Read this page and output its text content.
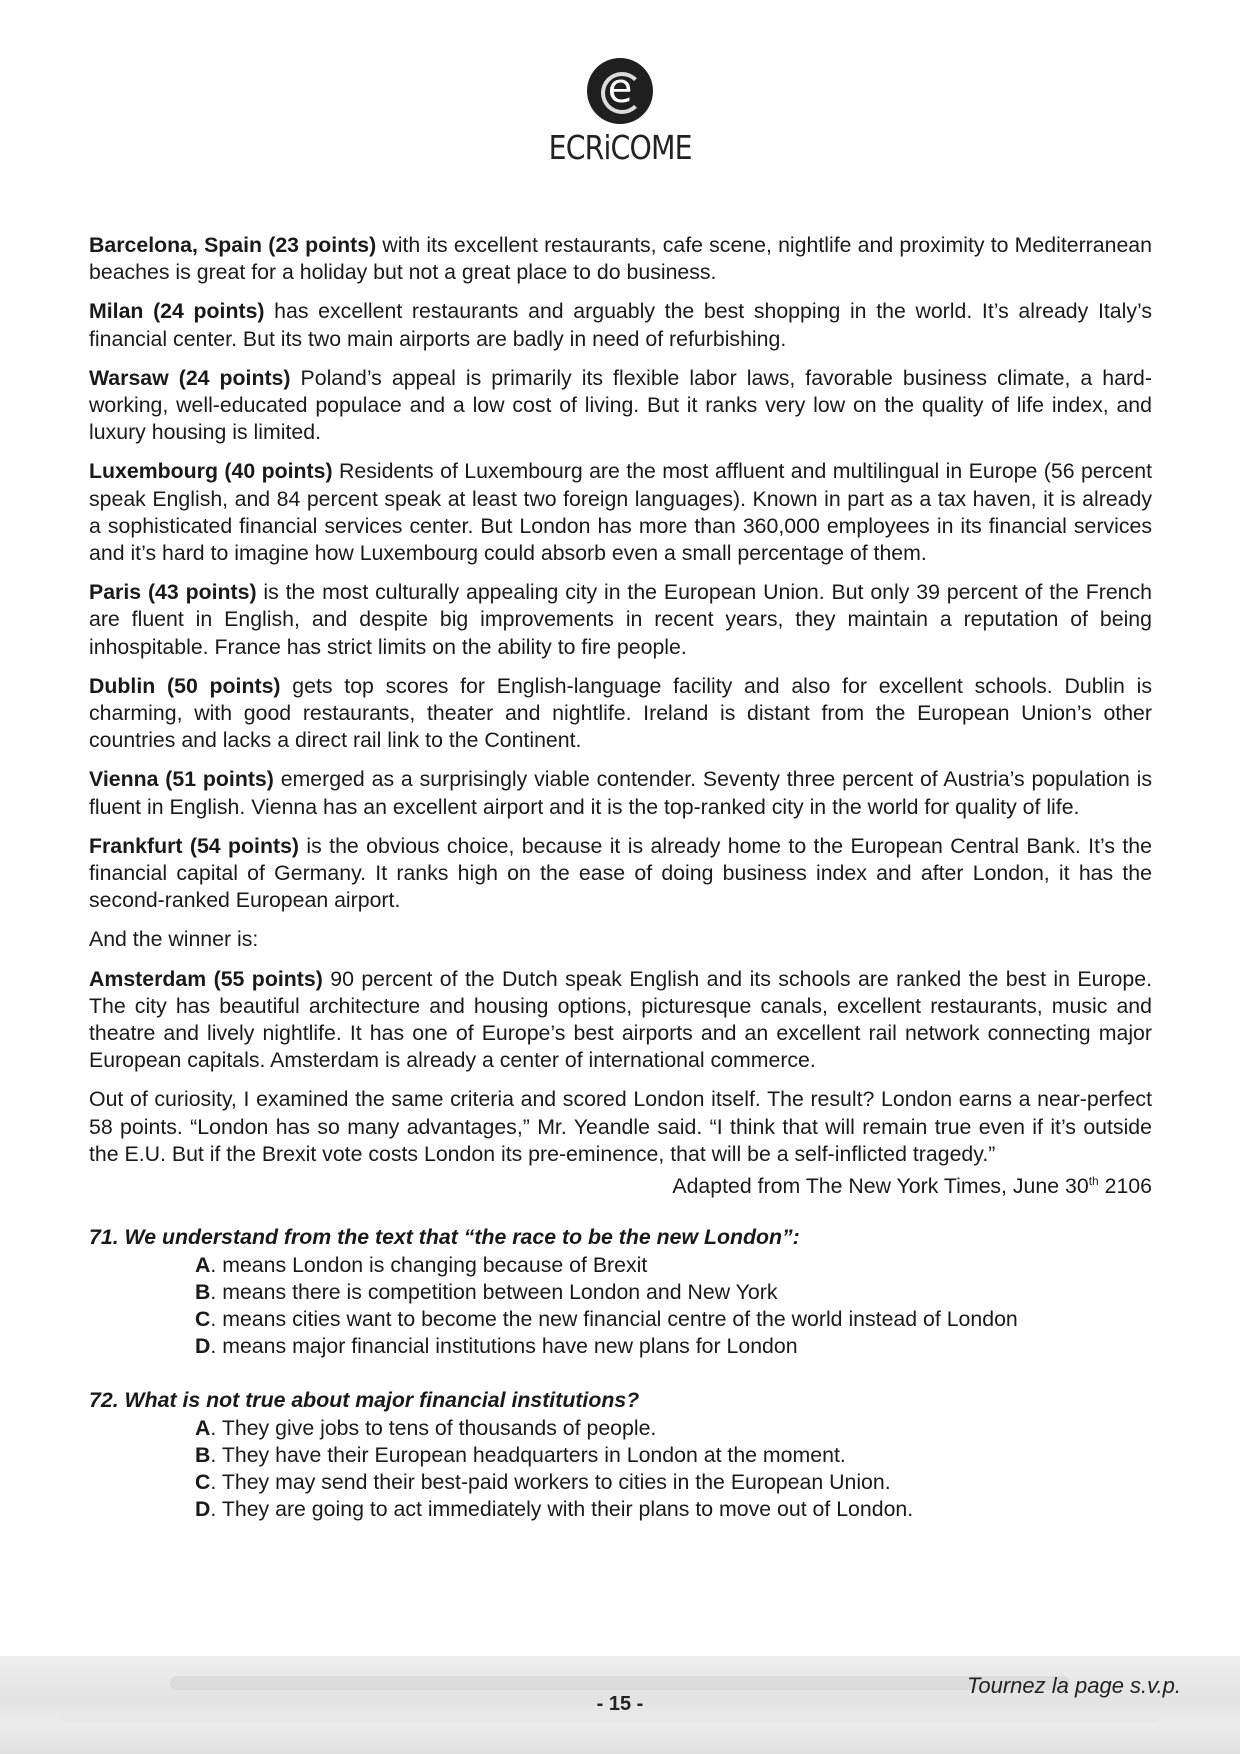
e
ECRiCOME

Barcelona, Spain (23 points) with its excellent restaurants, cafe scene, nightlife and proximity to Mediterranean beaches is great for a holiday but not a great place to do business.

Milan (24 points) has excellent restaurants and arguably the best shopping in the world. It’s already Italy’s financial center. But its two main airports are badly in need of refurbishing.

Warsaw (24 points) Poland’s appeal is primarily its flexible labor laws, favorable business climate, a hard-working, well-educated populace and a low cost of living. But it ranks very low on the quality of life index, and luxury housing is limited.

Luxembourg (40 points) Residents of Luxembourg are the most affluent and multilingual in Europe (56 percent speak English, and 84 percent speak at least two foreign languages). Known in part as a tax haven, it is already a sophisticated financial services center. But London has more than 360,000 employees in its financial services and it’s hard to imagine how Luxembourg could absorb even a small percentage of them.

Paris (43 points) is the most culturally appealing city in the European Union. But only 39 percent of the French are fluent in English, and despite big improvements in recent years, they maintain a reputation of being inhospitable. France has strict limits on the ability to fire people.

Dublin (50 points) gets top scores for English-language facility and also for excellent schools. Dublin is charming, with good restaurants, theater and nightlife. Ireland is distant from the European Union’s other countries and lacks a direct rail link to the Continent.

Vienna (51 points) emerged as a surprisingly viable contender. Seventy three percent of Austria’s population is fluent in English. Vienna has an excellent airport and it is the top-ranked city in the world for quality of life.

Frankfurt (54 points) is the obvious choice, because it is already home to the European Central Bank. It’s the financial capital of Germany. It ranks high on the ease of doing business index and after London, it has the second-ranked European airport.

And the winner is:

Amsterdam (55 points) 90 percent of the Dutch speak English and its schools are ranked the best in Europe. The city has beautiful architecture and housing options, picturesque canals, excellent restaurants, music and theatre and lively nightlife. It has one of Europe’s best airports and an excellent rail network connecting major European capitals. Amsterdam is already a center of international commerce.

Out of curiosity, I examined the same criteria and scored London itself. The result? London earns a near-perfect 58 points. “London has so many advantages,” Mr. Yeandle said. “I think that will remain true even if it’s outside the E.U. But if the Brexit vote costs London its pre-eminence, that will be a self-inflicted tragedy.”

Adapted from The New York Times, June 30th 2106

71. We understand from the text that “the race to be the new London”:
A. means London is changing because of Brexit
B. means there is competition between London and New York
C. means cities want to become the new financial centre of the world instead of London
D. means major financial institutions have new plans for London
72. What is not true about major financial institutions?
A. They give jobs to tens of thousands of people.
B. They have their European headquarters in London at the moment.
C. They may send their best-paid workers to cities in the European Union.
D. They are going to act immediately with their plans to move out of London.
Tournez la page s.v.p.
- 15 -
